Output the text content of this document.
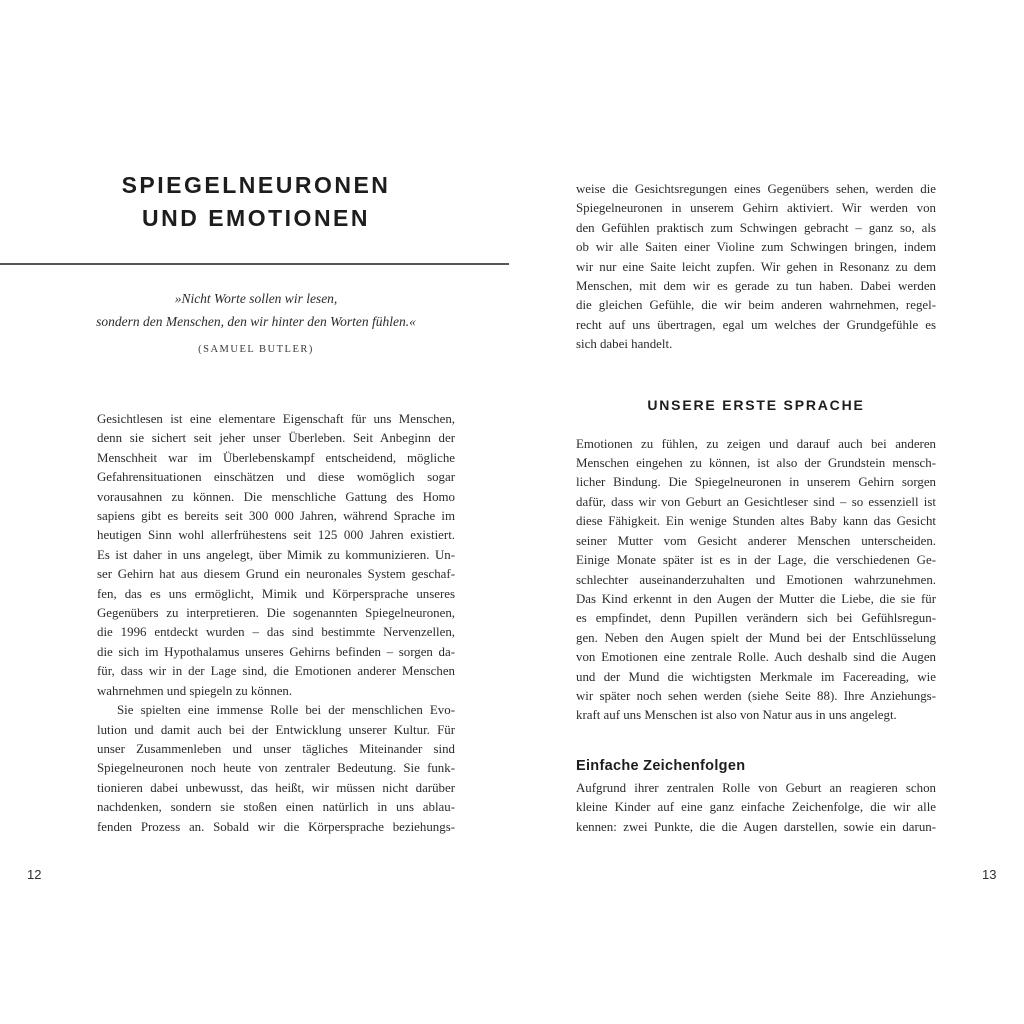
SPIEGELNEURONEN
UND EMOTIONEN
»Nicht Worte sollen wir lesen,
sondern den Menschen, den wir hinter den Worten fühlen.«
(SAMUEL BUTLER)
Gesichtlesen ist eine elementare Eigenschaft für uns Menschen,
denn sie sichert seit jeher unser Überleben. Seit Anbeginn der
Menschheit war im Überlebenskampf entscheidend, mögliche
Gefahrensituationen einschätzen und diese womöglich sogar
vorausahnen zu können. Die menschliche Gattung des Homo
sapiens gibt es bereits seit 300 000 Jahren, während Sprache im
heutigen Sinn wohl allerfrühestens seit 125 000 Jahren existiert.
Es ist daher in uns angelegt, über Mimik zu kommunizieren. Un-
ser Gehirn hat aus diesem Grund ein neuronales System geschaf-
fen, das es uns ermöglicht, Mimik und Körpersprache unseres
Gegenübers zu interpretieren. Die sogenannten Spiegelneuronen,
die 1996 entdeckt wurden – das sind bestimmte Nervenzellen,
die sich im Hypothalamus unseres Gehirns befinden – sorgen da-
für, dass wir in der Lage sind, die Emotionen anderer Menschen
wahrnehmen und spiegeln zu können.
Sie spielten eine immense Rolle bei der menschlichen Evo-
lution und damit auch bei der Entwicklung unserer Kultur. Für
unser Zusammenleben und unser tägliches Miteinander sind
Spiegelneuronen noch heute von zentraler Bedeutung. Sie funk-
tionieren dabei unbewusst, das heißt, wir müssen nicht darüber
nachdenken, sondern sie stoßen einen natürlich in uns ablau-
fenden Prozess an. Sobald wir die Körpersprache beziehungs-
12
weise die Gesichtsregungen eines Gegenübers sehen, werden die
Spiegelneuronen in unserem Gehirn aktiviert. Wir werden von
den Gefühlen praktisch zum Schwingen gebracht – ganz so, als
ob wir alle Saiten einer Violine zum Schwingen bringen, indem
wir nur eine Saite leicht zupfen. Wir gehen in Resonanz zu dem
Menschen, mit dem wir es gerade zu tun haben. Dabei werden
die gleichen Gefühle, die wir beim anderen wahrnehmen, regel-
recht auf uns übertragen, egal um welches der Grundgefühle es
sich dabei handelt.
UNSERE ERSTE SPRACHE
Emotionen zu fühlen, zu zeigen und darauf auch bei anderen
Menschen eingehen zu können, ist also der Grundstein mensch-
licher Bindung. Die Spiegelneuronen in unserem Gehirn sorgen
dafür, dass wir von Geburt an Gesichtleser sind – so essenziell ist
diese Fähigkeit. Ein wenige Stunden altes Baby kann das Gesicht
seiner Mutter vom Gesicht anderer Menschen unterscheiden.
Einige Monate später ist es in der Lage, die verschiedenen Ge-
schlechter auseinanderzuhalten und Emotionen wahrzunehmen.
Das Kind erkennt in den Augen der Mutter die Liebe, die sie für
es empfindet, denn Pupillen verändern sich bei Gefühlsregun-
gen. Neben den Augen spielt der Mund bei der Entschlüsselung
von Emotionen eine zentrale Rolle. Auch deshalb sind die Augen
und der Mund die wichtigsten Merkmale im Facereading, wie
wir später noch sehen werden (siehe Seite 88). Ihre Anziehungs-
kraft auf uns Menschen ist also von Natur aus in uns angelegt.
Einfache Zeichenfolgen
Aufgrund ihrer zentralen Rolle von Geburt an reagieren schon
kleine Kinder auf eine ganz einfache Zeichenfolge, die wir alle
kennen: zwei Punkte, die die Augen darstellen, sowie ein darun-
13
